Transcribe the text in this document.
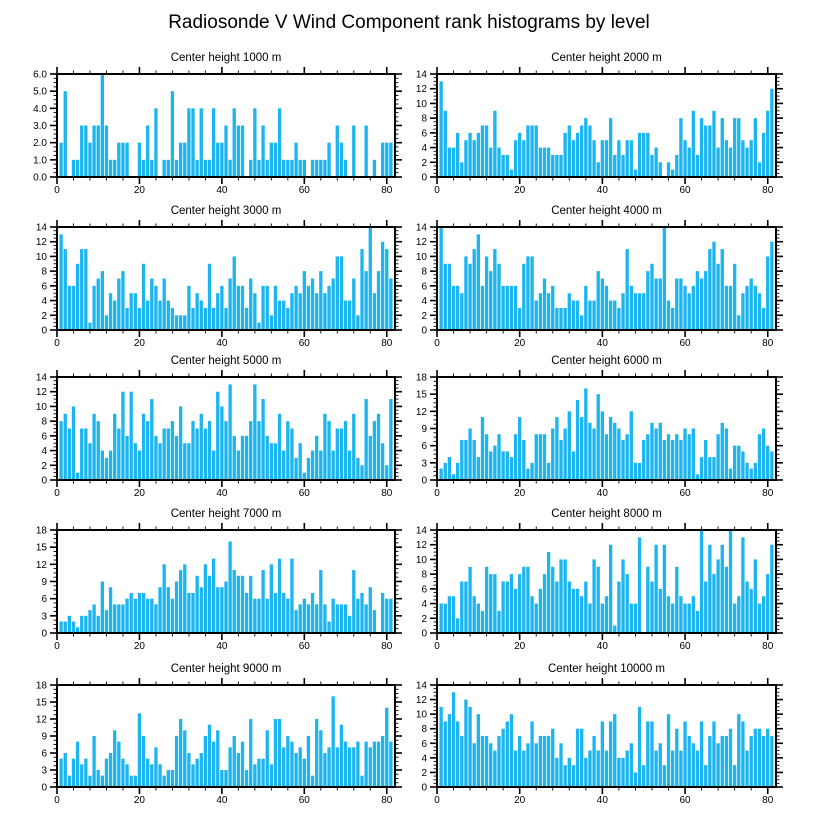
Radiosonde V Wind Component rank histograms by level
Center height 1000 m
0.0
1.0
2.0
3.0
4.0
5.0
6.0
0	20	40	60	80
Center height 2000 m
0
2
4
6
8
10
12
14
0	20	40	60	80
Center height 3000 m
0
2
4
6
8
10
12
14
0	20	40	60	80
Center height 4000 m
0
2
4
6
8
10
12
14
0	20	40	60	80
Center height 5000 m
0
2
4
6
8
10
12
14
0	20	40	60	80
Center height 6000 m
0
3
6
9
12
15
18
0	20	40	60	80
Center height 7000 m
0
3
6
9
12
15
18
0	20	40	60	80
Center height 8000 m
0
2
4
6
8
10
12
14
0	20	40	60	80
Center height 9000 m
0
3
6
9
12
15
18
0	20	40	60	80
Center height 10000 m
0
2
4
6
8
10
12
14
0	20	40	60	80
